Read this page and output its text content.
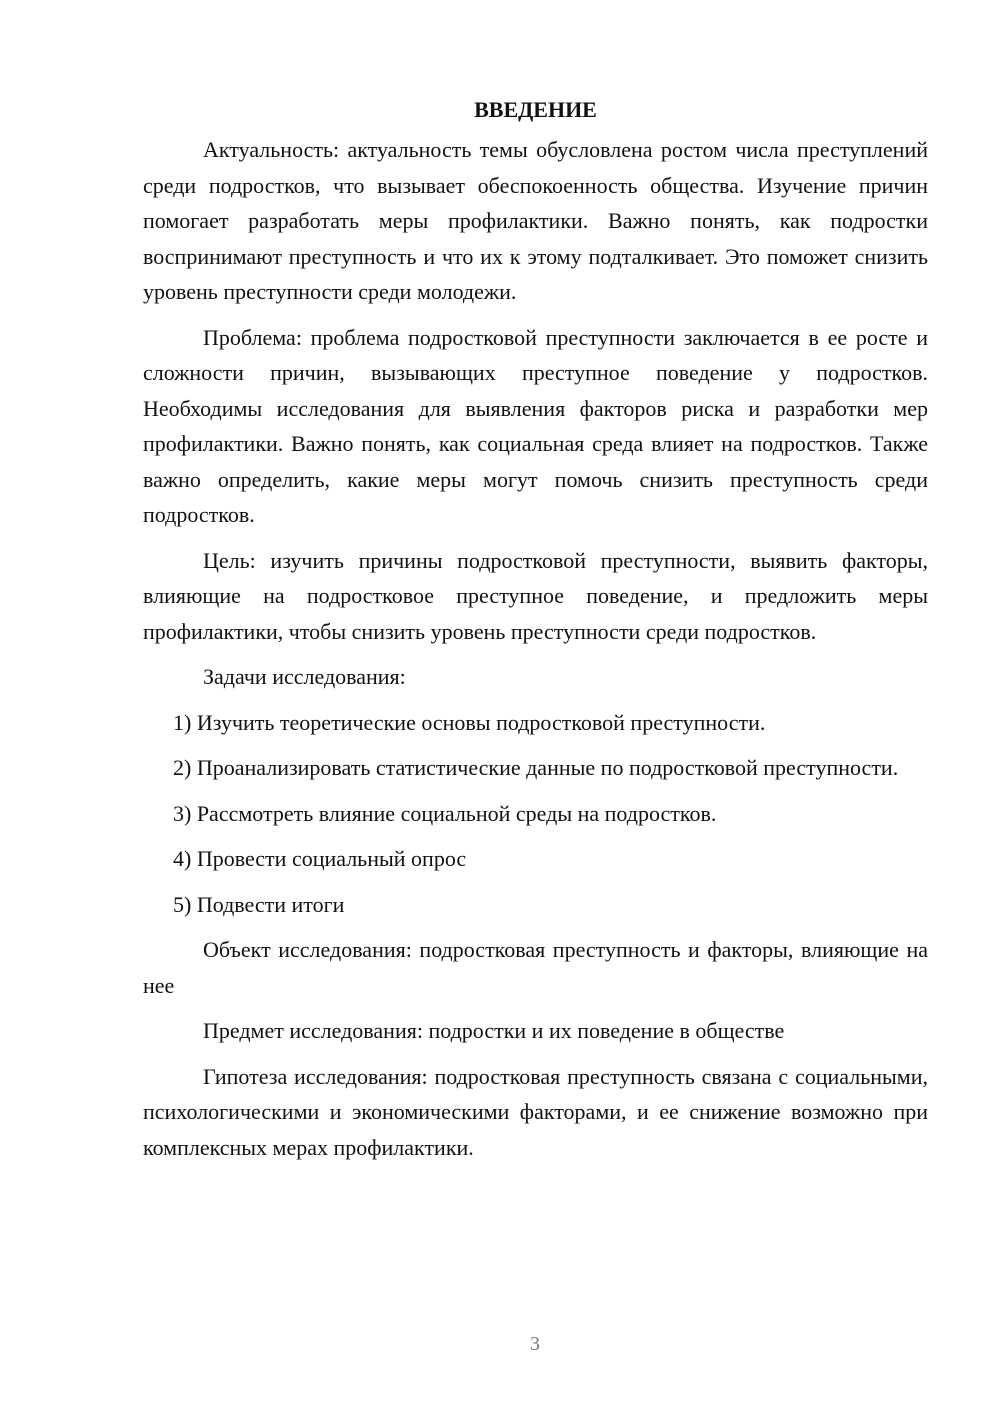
ВВЕДЕНИЕ

Актуальность: актуальность темы обусловлена ростом числа преступлений среди подростков, что вызывает обеспокоенность общества. Изучение причин помогает разработать меры профилактики. Важно понять, как подростки воспринимают преступность и что их к этому подталкивает. Это поможет снизить уровень преступности среди молодежи.

Проблема: проблема подростковой преступности заключается в ее росте и сложности причин, вызывающих преступное поведение у подростков. Необходимы исследования для выявления факторов риска и разработки мер профилактики. Важно понять, как социальная среда влияет на подростков. Также важно определить, какие меры могут помочь снизить преступность среди подростков.

Цель: изучить причины подростковой преступности, выявить факторы, влияющие на подростковое преступное поведение, и предложить меры профилактики, чтобы снизить уровень преступности среди подростков.

Задачи исследования:

1) Изучить теоретические основы подростковой преступности.

2) Проанализировать статистические данные по подростковой преступности.

3) Рассмотреть влияние социальной среды на подростков.

4) Провести социальный опрос

5) Подвести итоги

Объект исследования: подростковая преступность и факторы, влияющие на нее

Предмет исследования: подростки и их поведение в обществе

Гипотеза исследования: подростковая преступность связана с социальными, психологическими и экономическими факторами, и ее снижение возможно при комплексных мерах профилактики.

3
